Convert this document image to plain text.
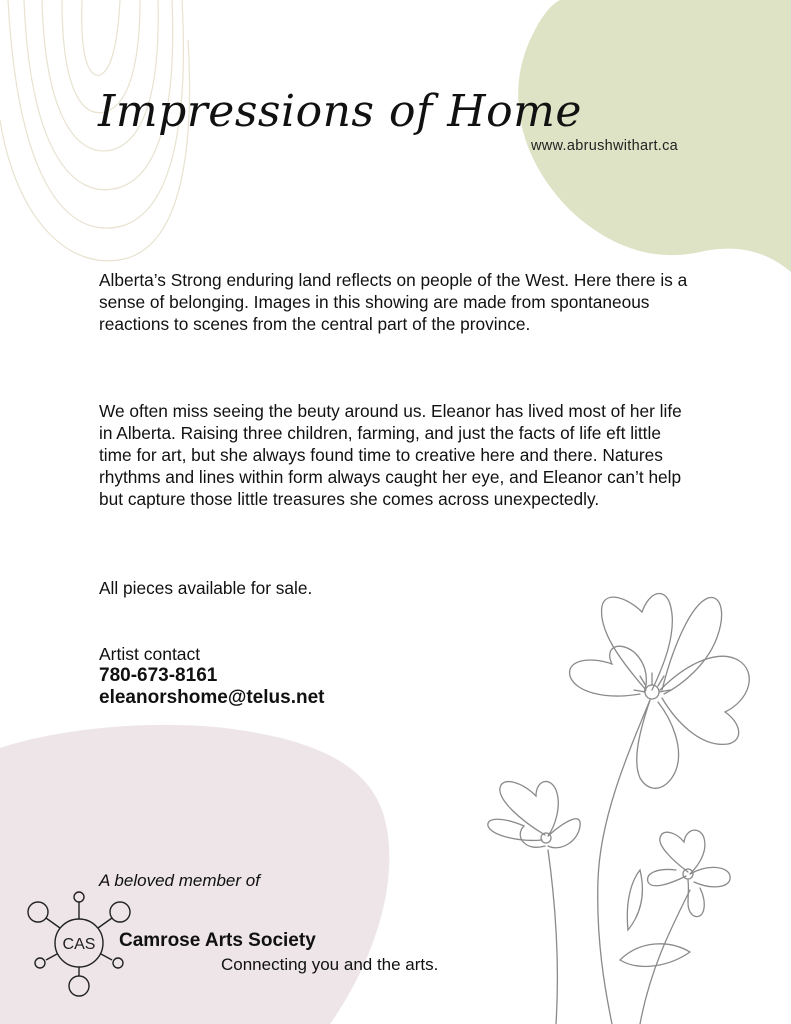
Impressions of Home
www.abrushwithart.ca

Alberta’s Strong enduring land reflects on people of the West. Here there is a sense of belonging. Images in this showing are made from spontaneous reactions to scenes from the central part of the province.

We often miss seeing the beuty around us. Eleanor has lived most of her life in Alberta. Raising three children, farming, and just the facts of life eft little time for art, but she always found time to creative here and there. Natures rhythms and lines within form always caught her eye, and Eleanor can’t help but capture those little treasures she comes across unexpectedly.

All pieces available for sale.

Artist contact
780-673-8161
eleanorshome@telus.net
A beloved member of
CAS Camrose Arts Society
Connecting you and the arts.
